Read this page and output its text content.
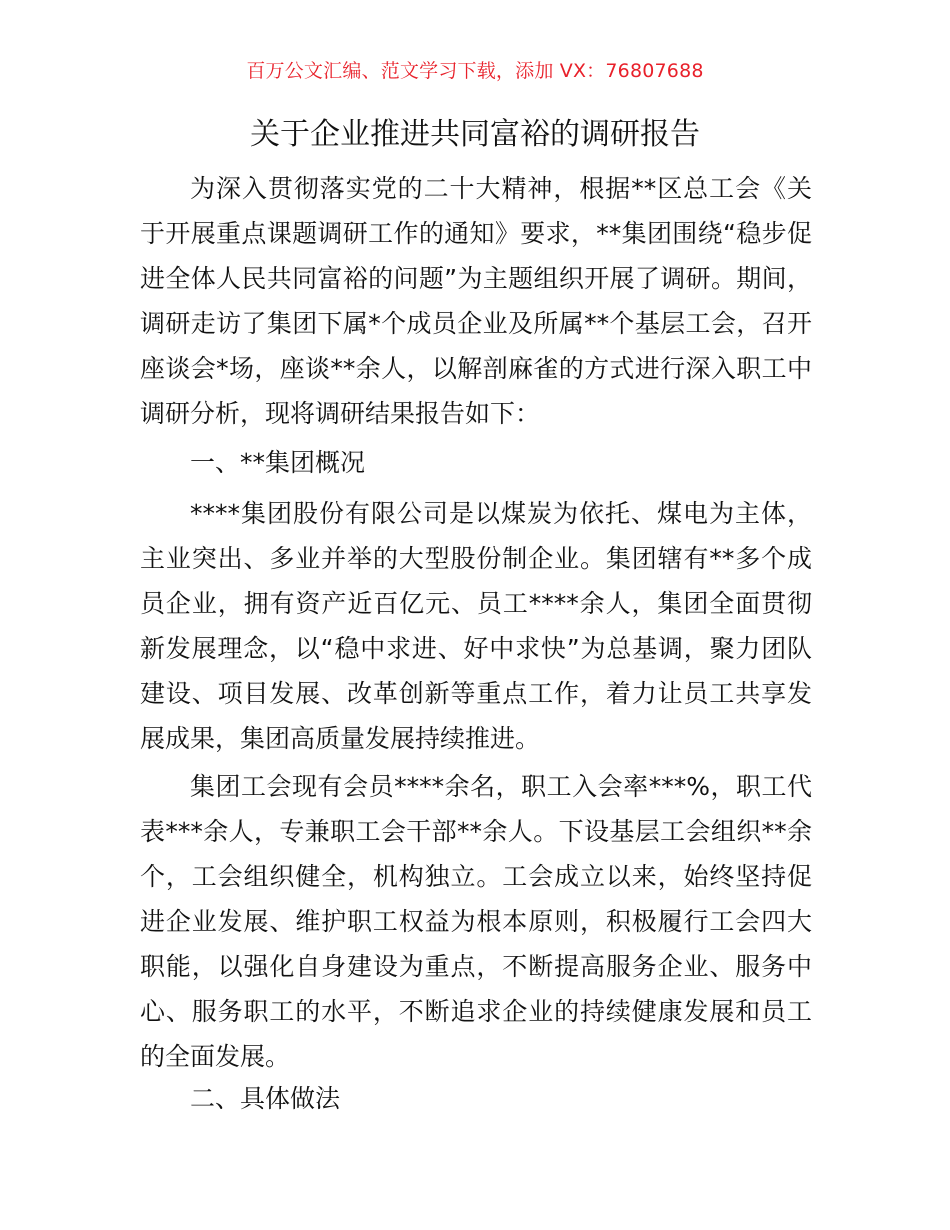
百万公文汇编、范文学习下载，添加 VX：76807688
关于企业推进共同富裕的调研报告

为深入贯彻落实党的二十大精神，根据**区总工会《关于开展重点课题调研工作的通知》要求，**集团围绕“稳步促进全体人民共同富裕的问题”为主题组织开展了调研。期间，调研走访了集团下属*个成员企业及所属**个基层工会，召开座谈会*场，座谈**余人，以解剖麻雀的方式进行深入职工中调研分析，现将调研结果报告如下：

一、**集团概况

****集团股份有限公司是以煤炭为依托、煤电为主体，主业突出、多业并举的大型股份制企业。集团辖有**多个成员企业，拥有资产近百亿元、员工****余人，集团全面贯彻新发展理念，以“稳中求进、好中求快”为总基调，聚力团队建设、项目发展、改革创新等重点工作，着力让员工共享发展成果，集团高质量发展持续推进。

集团工会现有会员****余名，职工入会率***%，职工代表***余人，专兼职工会干部**余人。下设基层工会组织**余个，工会组织健全，机构独立。工会成立以来，始终坚持促进企业发展、维护职工权益为根本原则，积极履行工会四大职能，以强化自身建设为重点，不断提高服务企业、服务中心、服务职工的水平，不断追求企业的持续健康发展和员工的全面发展。

二、具体做法
